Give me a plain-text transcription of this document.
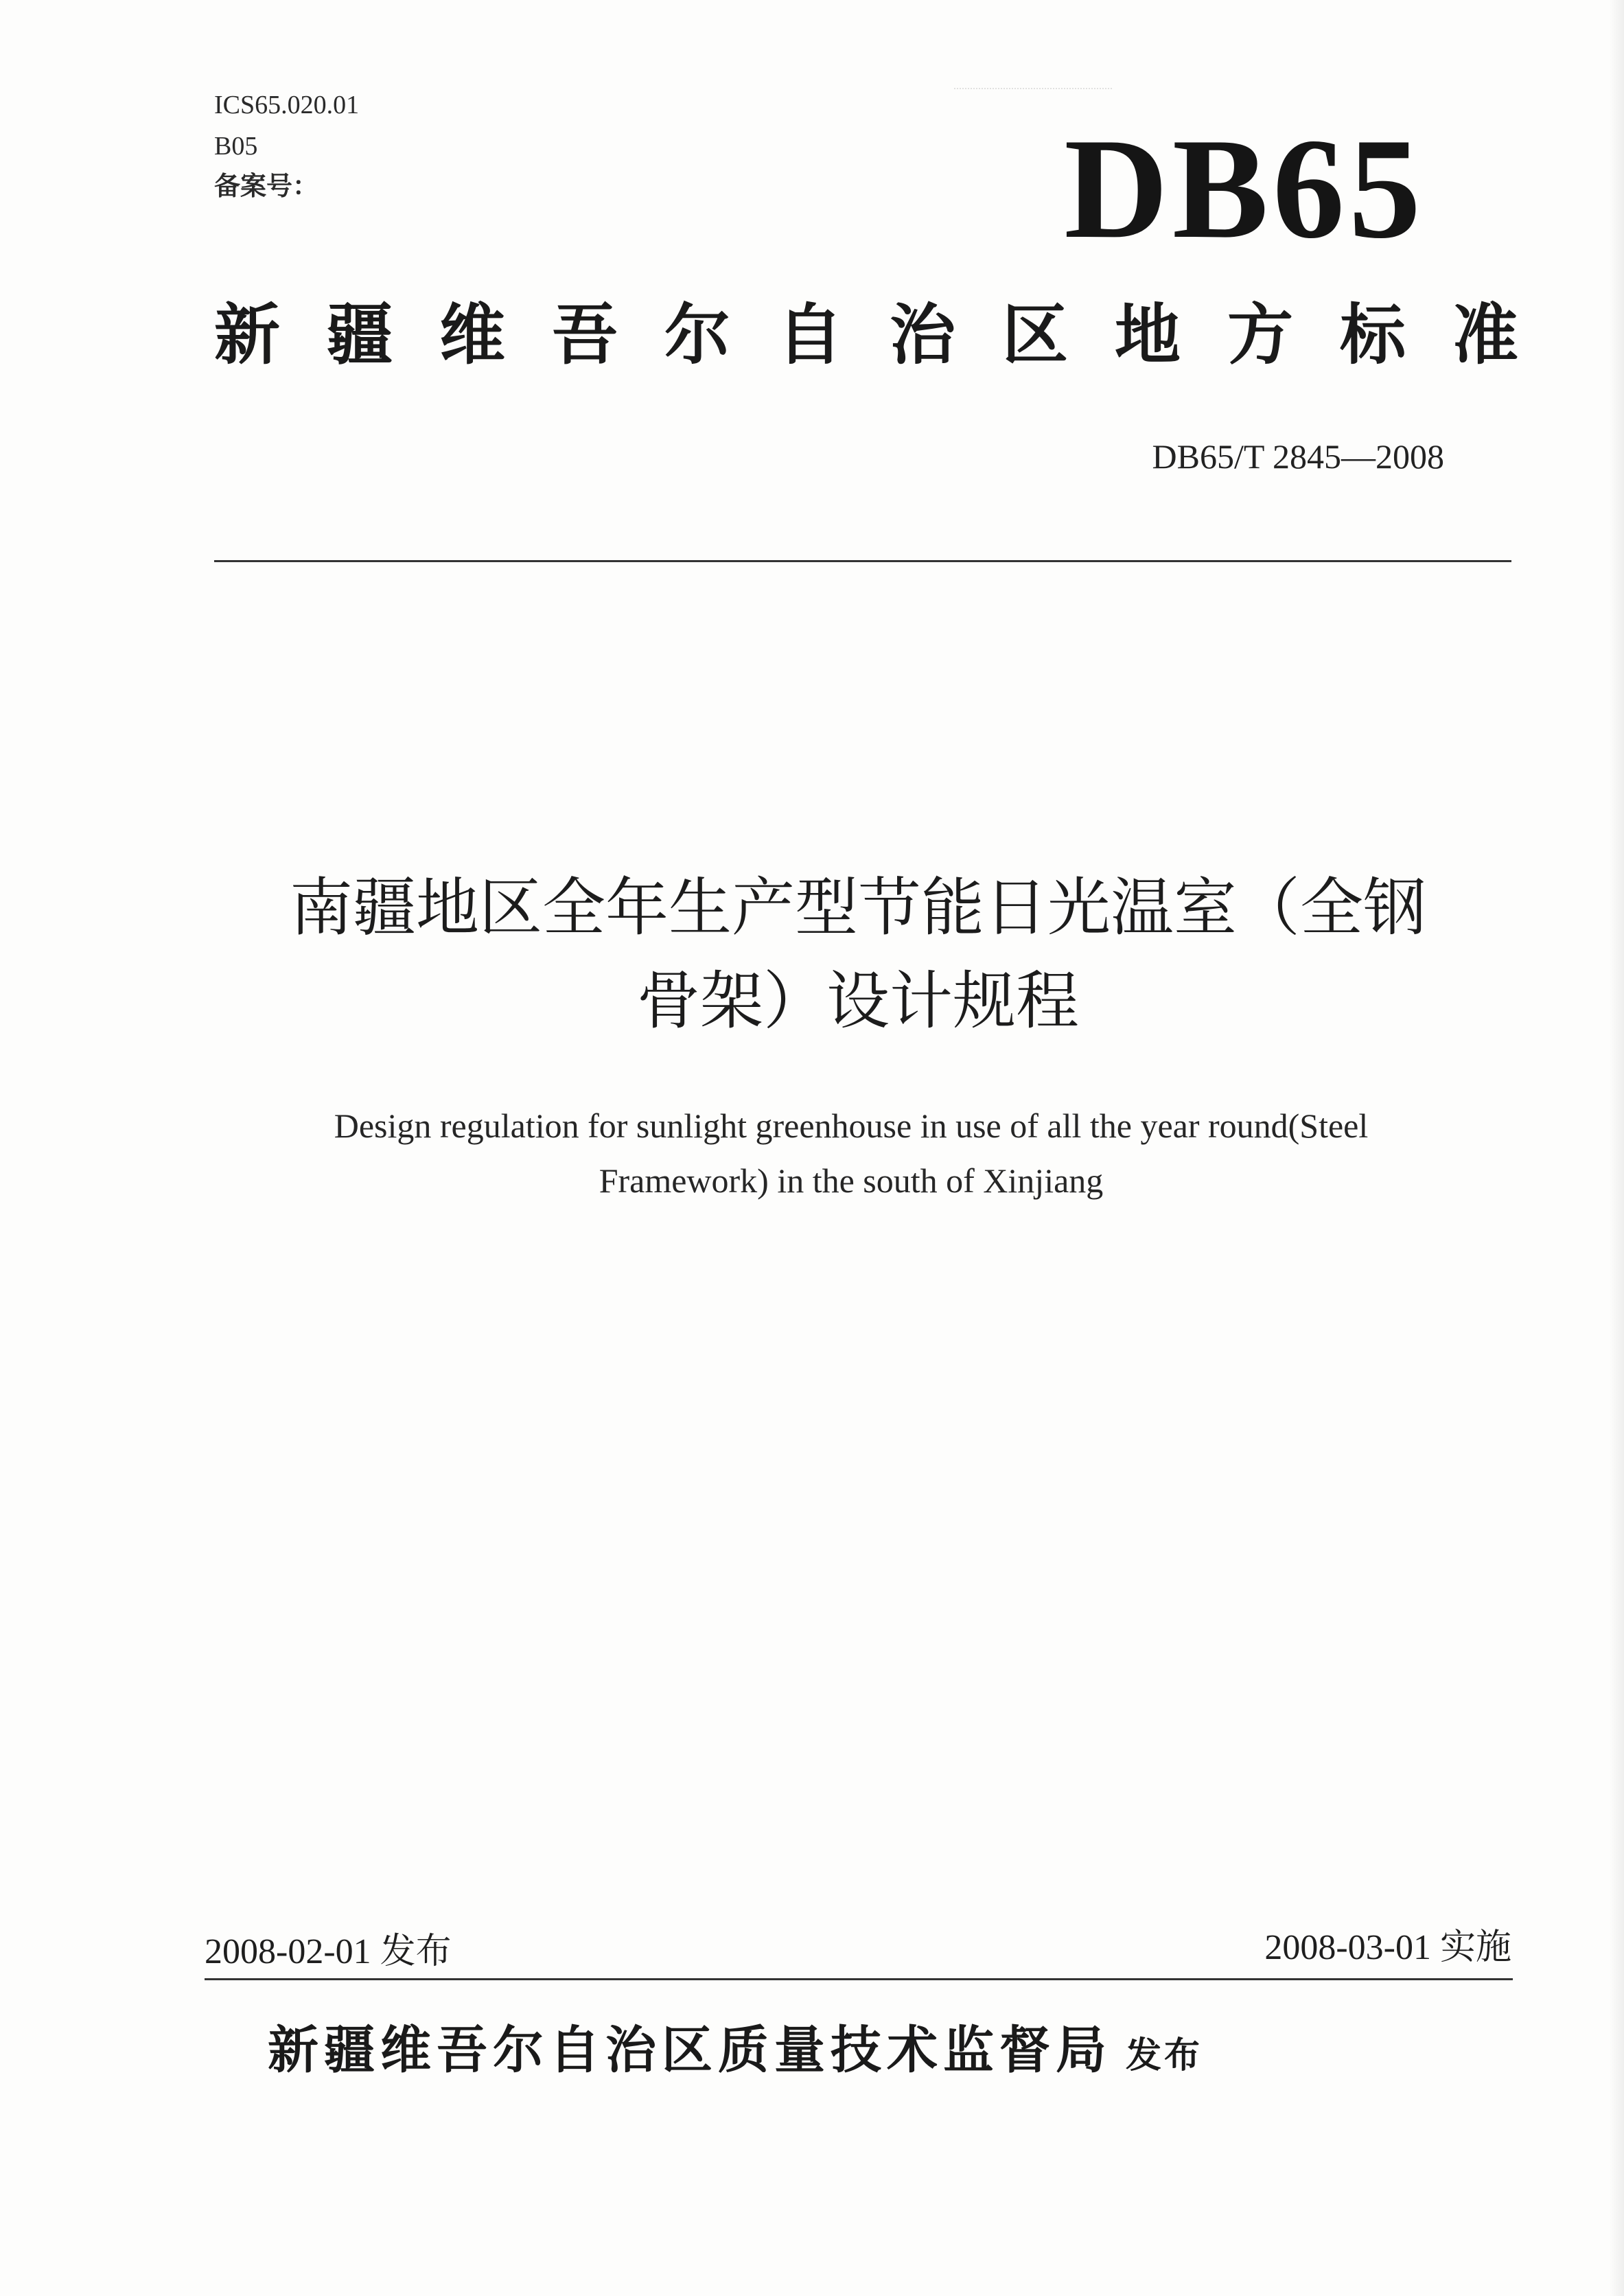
ICS65.020.01
B05
备案号：	DB65
新疆维吾尔自治区地方标准
DB65/T 2845—2008
南疆地区全年生产型节能日光温室（全钢
骨架）设计规程
Design regulation for sunlight greenhouse in use of all the year round(Steel
Framework) in the south of Xinjiang
2008-02-01 发布	2008-03-01 实施
新疆维吾尔自治区质量技术监督局 发布
